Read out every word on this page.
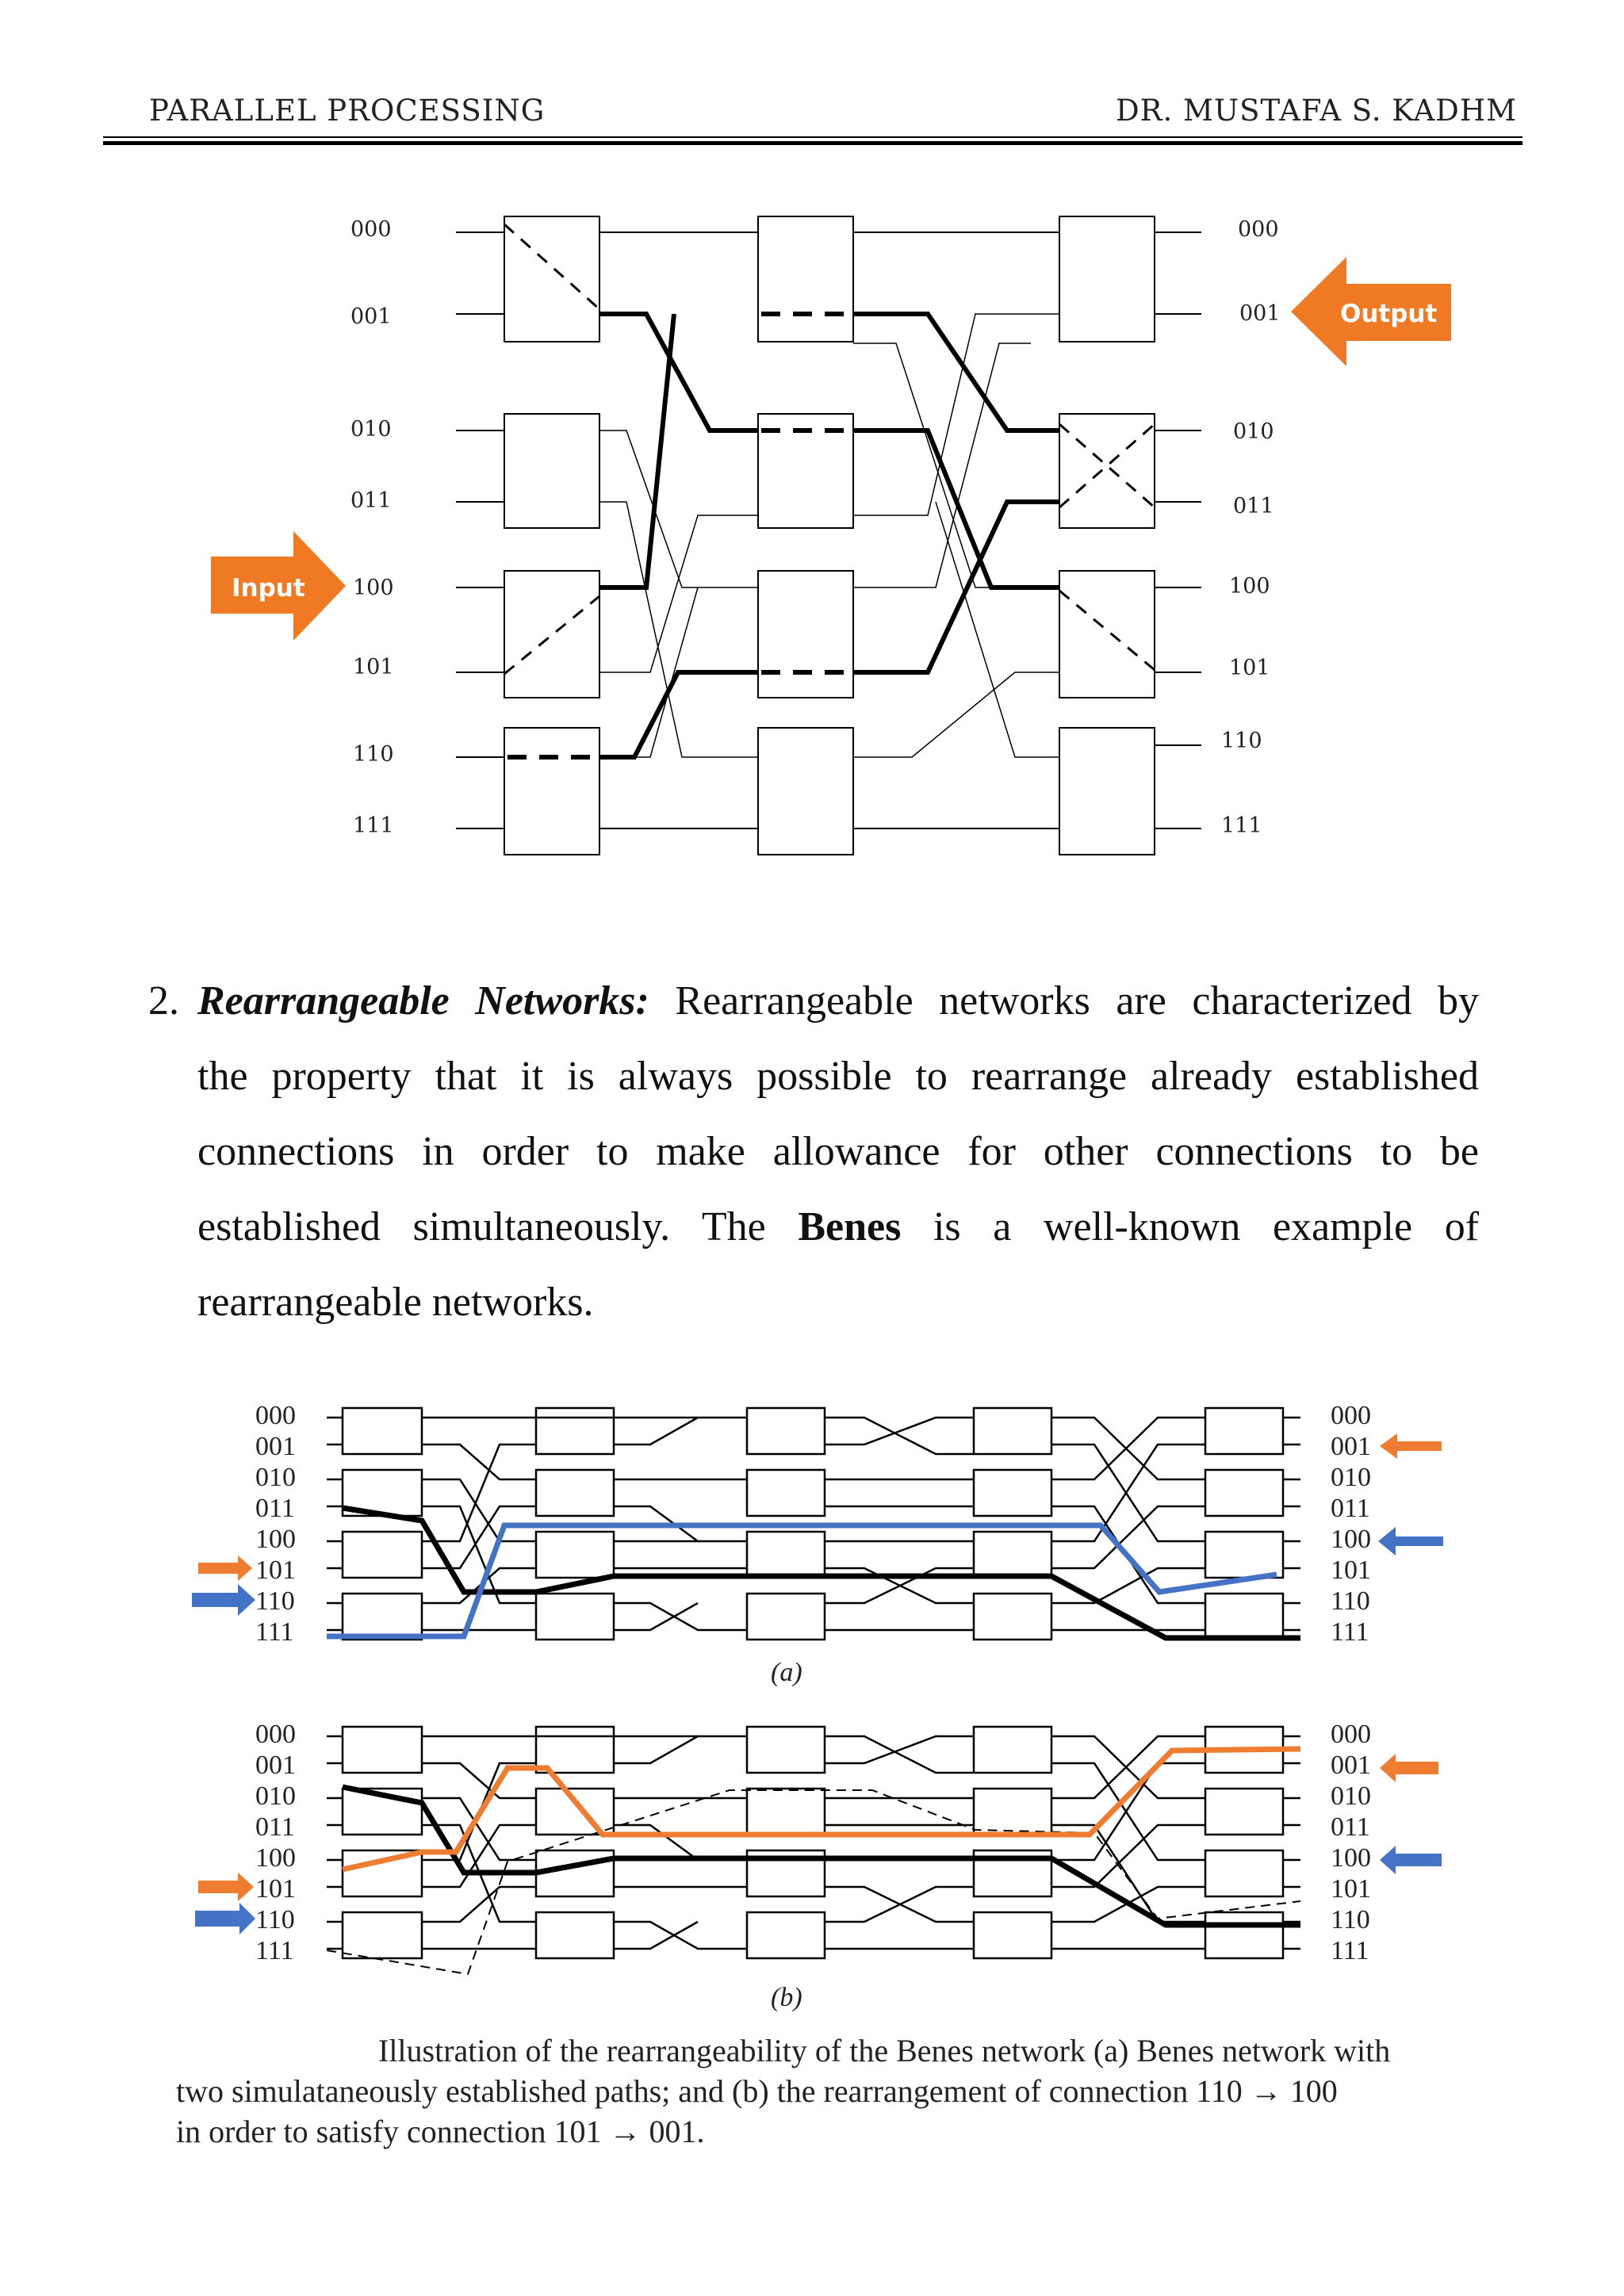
PARALLEL PROCESSING	DR. MUSTAFA S. KADHM
000
001
010
011
100
101
110
111
000
001
010
011
100
101
110
111
Input
Output
2. Rearrangeable Networks: Rearrangeable networks are characterized by
the property that it is always possible to rearrange already established
connections in order to make allowance for other connections to be
established simultaneously. The Benes is a well-known example of
rearrangeable networks.
000
001
010
011
100
101
110
111
000
001
010
011
100
101
110
111
(a)
000
001
010
011
100
101
110
111
000
001
010
011
100
101
110
111
(b)
Illustration of the rearrangeability of the Benes network (a) Benes network with
two simulataneously established paths; and (b) the rearrangement of connection 110 → 100
in order to satisfy connection 101 → 001.
